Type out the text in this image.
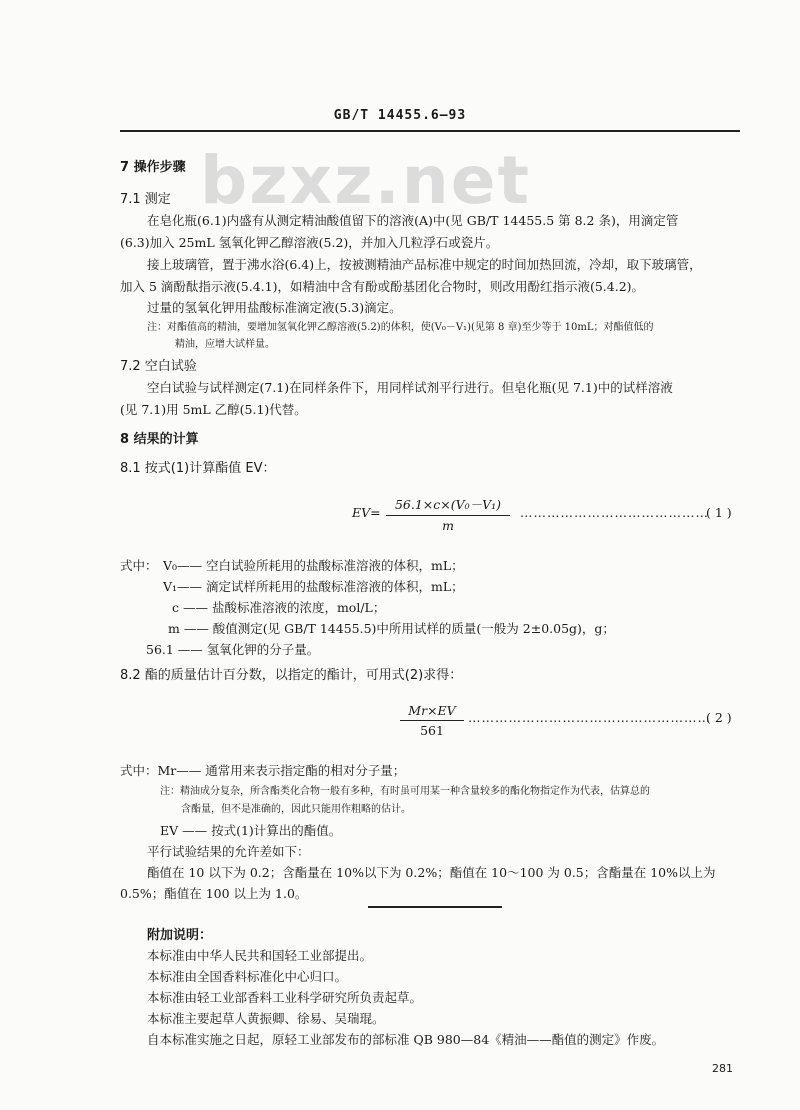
GB/T 14455.6—93
bzxz.net
7 操作步骤
7.1 测定
在皂化瓶(6.1)内盛有从测定精油酸值留下的溶液(A)中(见 GB/T 14455.5 第 8.2 条)，用滴定管
(6.3)加入 25mL 氢氧化钾乙醇溶液(5.2)，并加入几粒浮石或瓷片。
接上玻璃管，置于沸水浴(6.4)上，按被测精油产品标准中规定的时间加热回流，冷却，取下玻璃管，
加入 5 滴酚酞指示液(5.4.1)，如精油中含有酚或酚基团化合物时，则改用酚红指示液(5.4.2)。
过量的氢氧化钾用盐酸标准滴定液(5.3)滴定。
注：对酯值高的精油，要增加氢氧化钾乙醇溶液(5.2)的体积，使(V₀－V₁)(见第 8 章)至少等于 10mL；对酯值低的
精油，应增大试样量。
7.2 空白试验
空白试验与试样测定(7.1)在同样条件下，用同样试剂平行进行。但皂化瓶(见 7.1)中的试样溶液
(见 7.1)用 5mL 乙醇(5.1)代替。
8 结果的计算
8.1 按式(1)计算酯值 EV：
$EV= \frac{\text{56.1×c×(V₀－V₁)}}{m}$ ……………………………………
( 1 )
式中： V₀—— 空白试验所耗用的盐酸标准溶液的体积，mL；
V₁—— 滴定试样所耗用的盐酸标准溶液的体积，mL；
c —— 盐酸标准溶液的浓度，mol/L；
m —— 酸值测定(见 GB/T 14455.5)中所用试样的质量(一般为 2±0.05g)，g；
56.1 —— 氢氧化钾的分子量。
8.2 酯的质量估计百分数，以指定的酯计，可用式(2)求得：
$\frac{Mr\times EV}{561}$ ………………………………………………
( 2 )
式中：Mr—— 通常用来表示指定酯的相对分子量；
注：精油成分复杂，所含酯类化合物一般有多种，有时虽可用某一种含量较多的酯化物指定作为代表，估算总的
含酯量，但不是准确的，因此只能用作粗略的估计。
EV —— 按式(1)计算出的酯值。
平行试验结果的允许差如下：
酯值在 10 以下为 0.2；含酯量在 10%以下为 0.2%；酯值在 10～100 为 0.5；含酯量在 10%以上为
0.5%；酯值在 100 以上为 1.0。
附加说明：
本标准由中华人民共和国轻工业部提出。
本标准由全国香料标准化中心归口。
本标准由轻工业部香料工业科学研究所负责起草。
本标准主要起草人黄振卿、徐易、吴瑞琨。
自本标准实施之日起，原轻工业部发布的部标准 QB 980—84《精油——酯值的测定》作废。
281
